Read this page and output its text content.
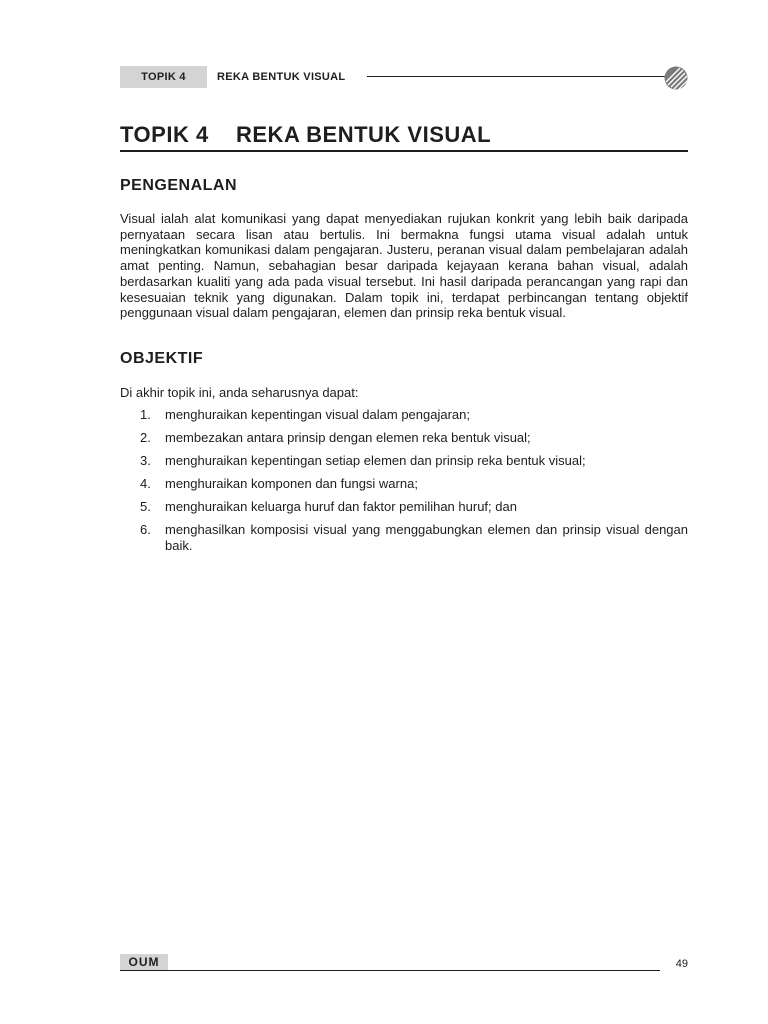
TOPIK 4	REKA BENTUK VISUAL
TOPIK 4 REKA BENTUK VISUAL
PENGENALAN

Visual ialah alat komunikasi yang dapat menyediakan rujukan konkrit yang lebih baik daripada pernyataan secara lisan atau bertulis. Ini bermakna fungsi utama visual adalah untuk meningkatkan komunikasi dalam pengajaran. Justeru, peranan visual dalam pembelajaran adalah amat penting. Namun, sebahagian besar daripada kejayaan kerana bahan visual, adalah berdasarkan kualiti yang ada pada visual tersebut. Ini hasil daripada perancangan yang rapi dan kesesuaian teknik yang digunakan. Dalam topik ini, terdapat perbincangan tentang objektif penggunaan visual dalam pengajaran, elemen dan prinsip reka bentuk visual.

OBJEKTIF

Di akhir topik ini, anda seharusnya dapat:

1. menghuraikan kepentingan visual dalam pengajaran;
2. membezakan antara prinsip dengan elemen reka bentuk visual;
3. menghuraikan kepentingan setiap elemen dan prinsip reka bentuk visual;
4. menghuraikan komponen dan fungsi warna;
5. menghuraikan keluarga huruf dan faktor pemilihan huruf; dan
6. menghasilkan komposisi visual yang menggabungkan elemen dan prinsip visual dengan baik.
OUM	49
